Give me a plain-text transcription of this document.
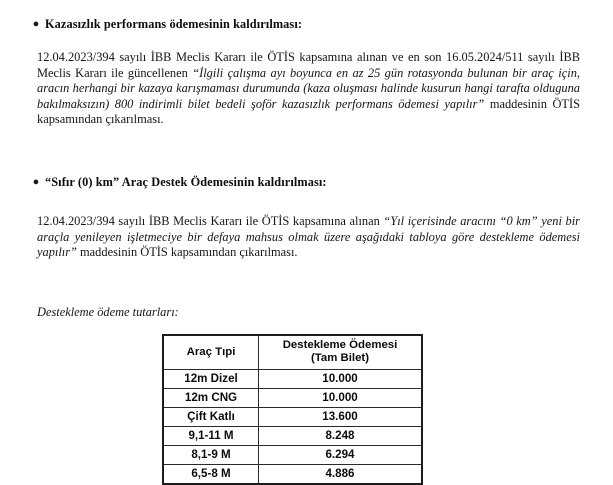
● Kazasızlık performans ödemesinin kaldırılması:

12.04.2023/394 sayılı İBB Meclis Kararı ile ÖTİS kapsamına alınan ve en son 16.05.2024/511 sayılı İBB Meclis Kararı ile güncellenen “İlgili çalışma ayı boyunca en az 25 gün rotasyonda bulunan bir araç için, aracın herhangi bir kazaya karışmaması durumunda (kaza oluşması halinde kusurun hangi tarafta olduguna bakılmaksızın) 800 indirimli bilet bedeli şoför kazasızlık performans ödemesi yapılır” maddesinin ÖTİS kapsamından çıkarılması.

● “Sıfır (0) km” Araç Destek Ödemesinin kaldırılması:

12.04.2023/394 sayılı İBB Meclis Kararı ile ÖTİS kapsamına alınan “Yıl içerisinde aracını “0 km” yeni bir araçla yenileyen işletmeciye bir defaya mahsus olmak üzere aşağıdaki tabloya göre destekleme ödemesi yapılır” maddesinin ÖTİS kapsamından çıkarılması.

Destekleme ödeme tutarları:

Araç Tıpi	Destekleme Ödemesi
(Tam Bilet)

12m Dizel	10.000
12m CNG	10.000
Çift Katlı	13.600
9,1-11 M	8.248
8,1-9 M	6.294
6,5-8 M	4.886
